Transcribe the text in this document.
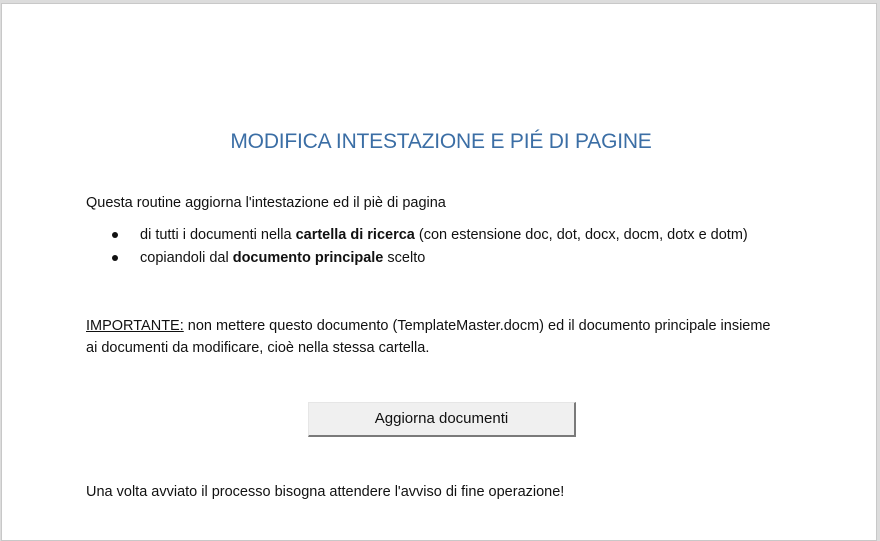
MODIFICA INTESTAZIONE E PIÉ DI PAGINE
Questa routine aggiorna l'intestazione ed il piè di pagina
di tutti i documenti nella cartella di ricerca (con estensione doc, dot, docx, docm, dotx e dotm)
copiandoli dal documento principale scelto
IMPORTANTE: non mettere questo documento (TemplateMaster.docm) ed il documento principale insieme
ai documenti da modificare, cioè nella stessa cartella.
Aggiorna documenti
Una volta avviato il processo bisogna attendere l'avviso di fine operazione!
